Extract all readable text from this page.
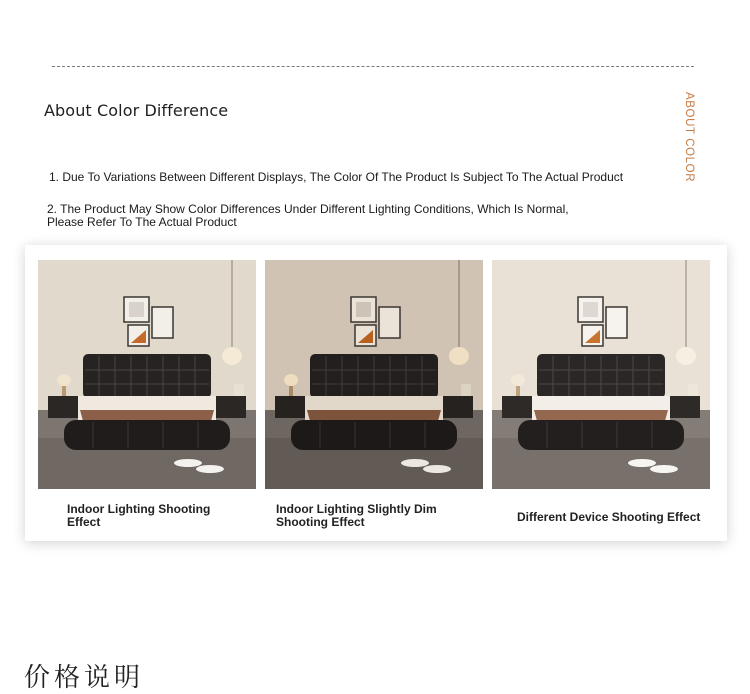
About Color Difference	ABOUT COLOR
1. Due To Variations Between Different Displays, The Color Of The Product Is Subject To The Actual Product
2. The Product May Show Color Differences Under Different Lighting Conditions, Which Is Normal, Please Refer To The Actual Product
Indoor Lighting Shooting Effect
Indoor Lighting Slightly Dim Shooting Effect	Different Device Shooting Effect
价格说明
